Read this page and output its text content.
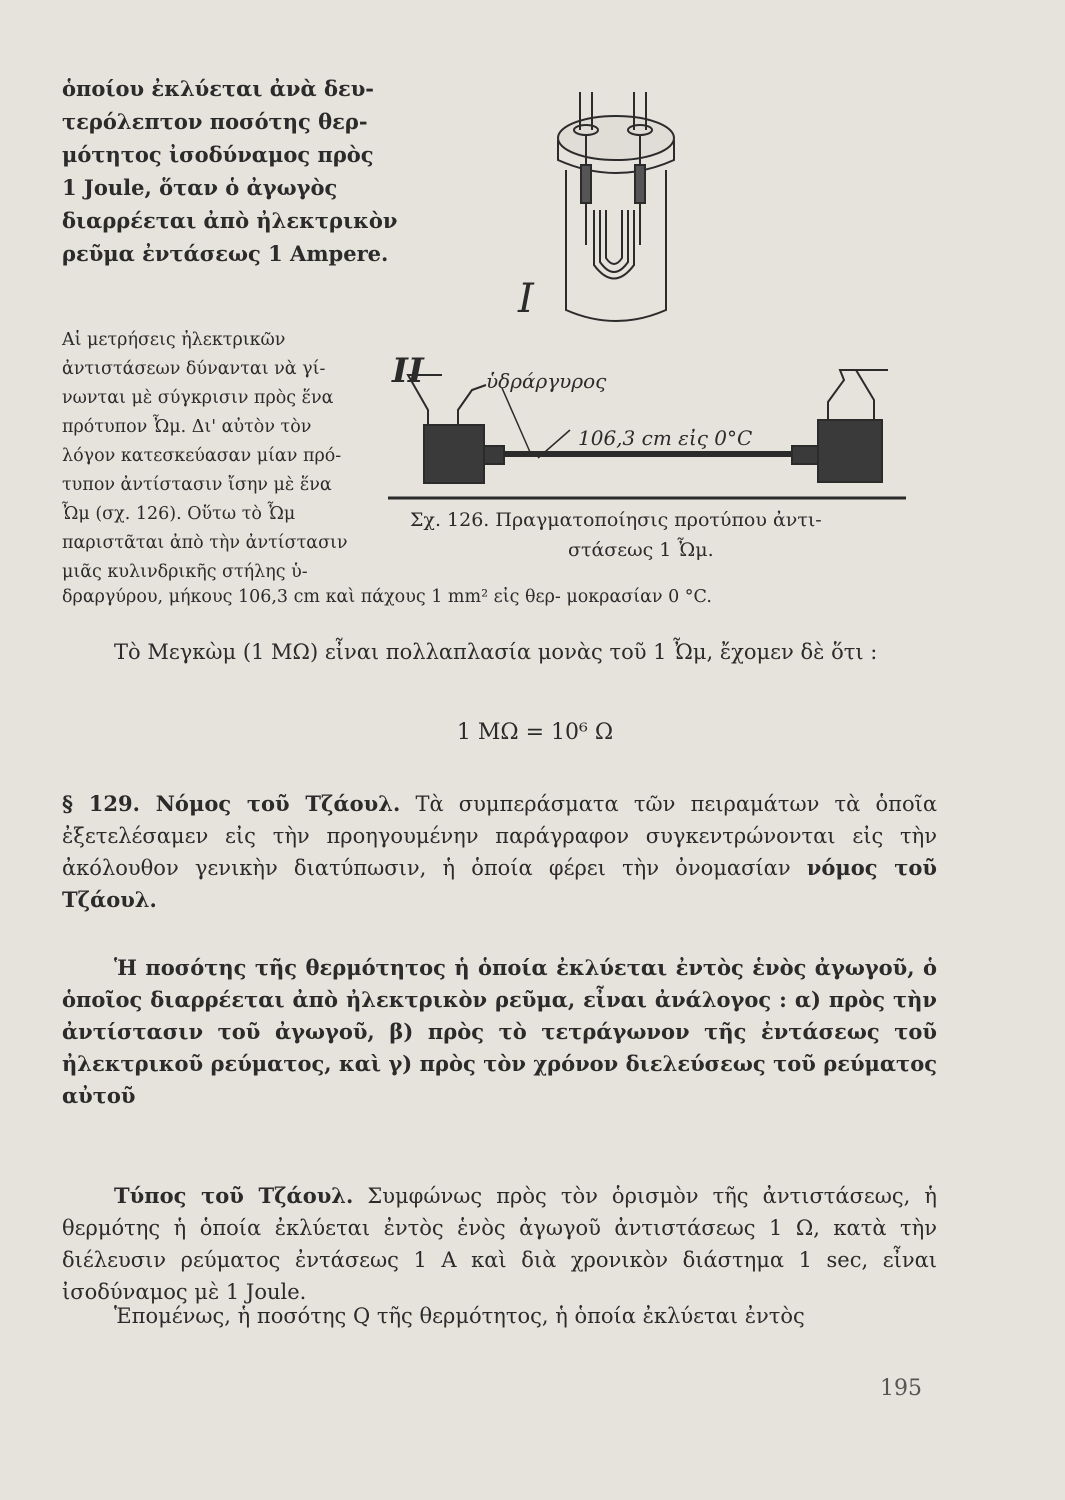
ὁποίου ἐκλύεται ἀνὰ δευ-
τερόλεπτον ποσότης θερ-
μότητος ἰσοδύναμος πρὸς
1 Joule, ὅταν ὁ ἀγωγὸς
διαρρέεται ἀπὸ ἠλεκτρικὸν
ρεῦμα ἐντάσεως 1 Ampere.
Αἱ μετρήσεις ἠλεκτρικῶν
ἀντιστάσεων δύνανται νὰ γί-
νωνται μὲ σύγκρισιν πρὸς ἕνα
πρότυπον Ὦμ. Δι' αὐτὸν τὸν
λόγον κατεσκεύασαν μίαν πρό-
τυπον ἀντίστασιν ἴσην μὲ ἕνα
Ὦμ (σχ. 126). Οὕτω τὸ Ὦμ
παριστᾶται ἀπὸ τὴν ἀντίστασιν
μιᾶς κυλινδρικῆς στήλης ὑ-
I
II	ὑδράργυρος
106,3 cm εἰς 0°C
Σχ. 126. Πραγματοποίησις προτύπου ἀντι-
στάσεως 1 Ὦμ.
δραργύρου, μήκους 106,3 cm καὶ πάχους 1 mm² εἰς θερ- μοκρασίαν 0 °C.
Τὸ Μεγκὼμ (1 ΜΩ) εἶναι πολλαπλασία μονὰς τοῦ 1 Ὦμ, ἔχομεν δὲ ὅτι :
1 ΜΩ = 10⁶ Ω
§ 129. Νόμος τοῦ Τζάουλ. Τὰ συμπεράσματα τῶν πειραμάτων τὰ ὁποῖα ἐξετελέσαμεν εἰς τὴν προηγουμένην παράγραφον συγκεντρώνονται εἰς τὴν ἀκόλουθον γενικὴν διατύπωσιν, ἡ ὁποία φέρει τὴν ὀνομασίαν νόμος τοῦ Τζάουλ.
Ἡ ποσότης τῆς θερμότητος ἡ ὁποία ἐκλύεται ἐντὸς ἑνὸς ἀγωγοῦ, ὁ ὁποῖος διαρρέεται ἀπὸ ἠλεκτρικὸν ρεῦμα, εἶναι ἀνάλογος : α) πρὸς τὴν ἀντίστασιν τοῦ ἀγωγοῦ, β) πρὸς τὸ τετράγωνον τῆς ἐντάσεως τοῦ ἠλεκτρικοῦ ρεύματος, καὶ γ) πρὸς τὸν χρόνον διελεύσεως τοῦ ρεύματος αὐτοῦ
Τύπος τοῦ Τζάουλ. Συμφώνως πρὸς τὸν ὁρισμὸν τῆς ἀντιστάσεως, ἡ θερμότης ἡ ὁποία ἐκλύεται ἐντὸς ἑνὸς ἀγωγοῦ ἀντιστάσεως 1 Ω, κατὰ τὴν διέλευσιν ρεύματος ἐντάσεως 1 A καὶ διὰ χρονικὸν διάστημα 1 sec, εἶναι ἰσοδύναμος μὲ 1 Joule.
Ἑπομένως, ἡ ποσότης Q τῆς θερμότητος, ἡ ὁποία ἐκλύεται ἐντὸς
195
